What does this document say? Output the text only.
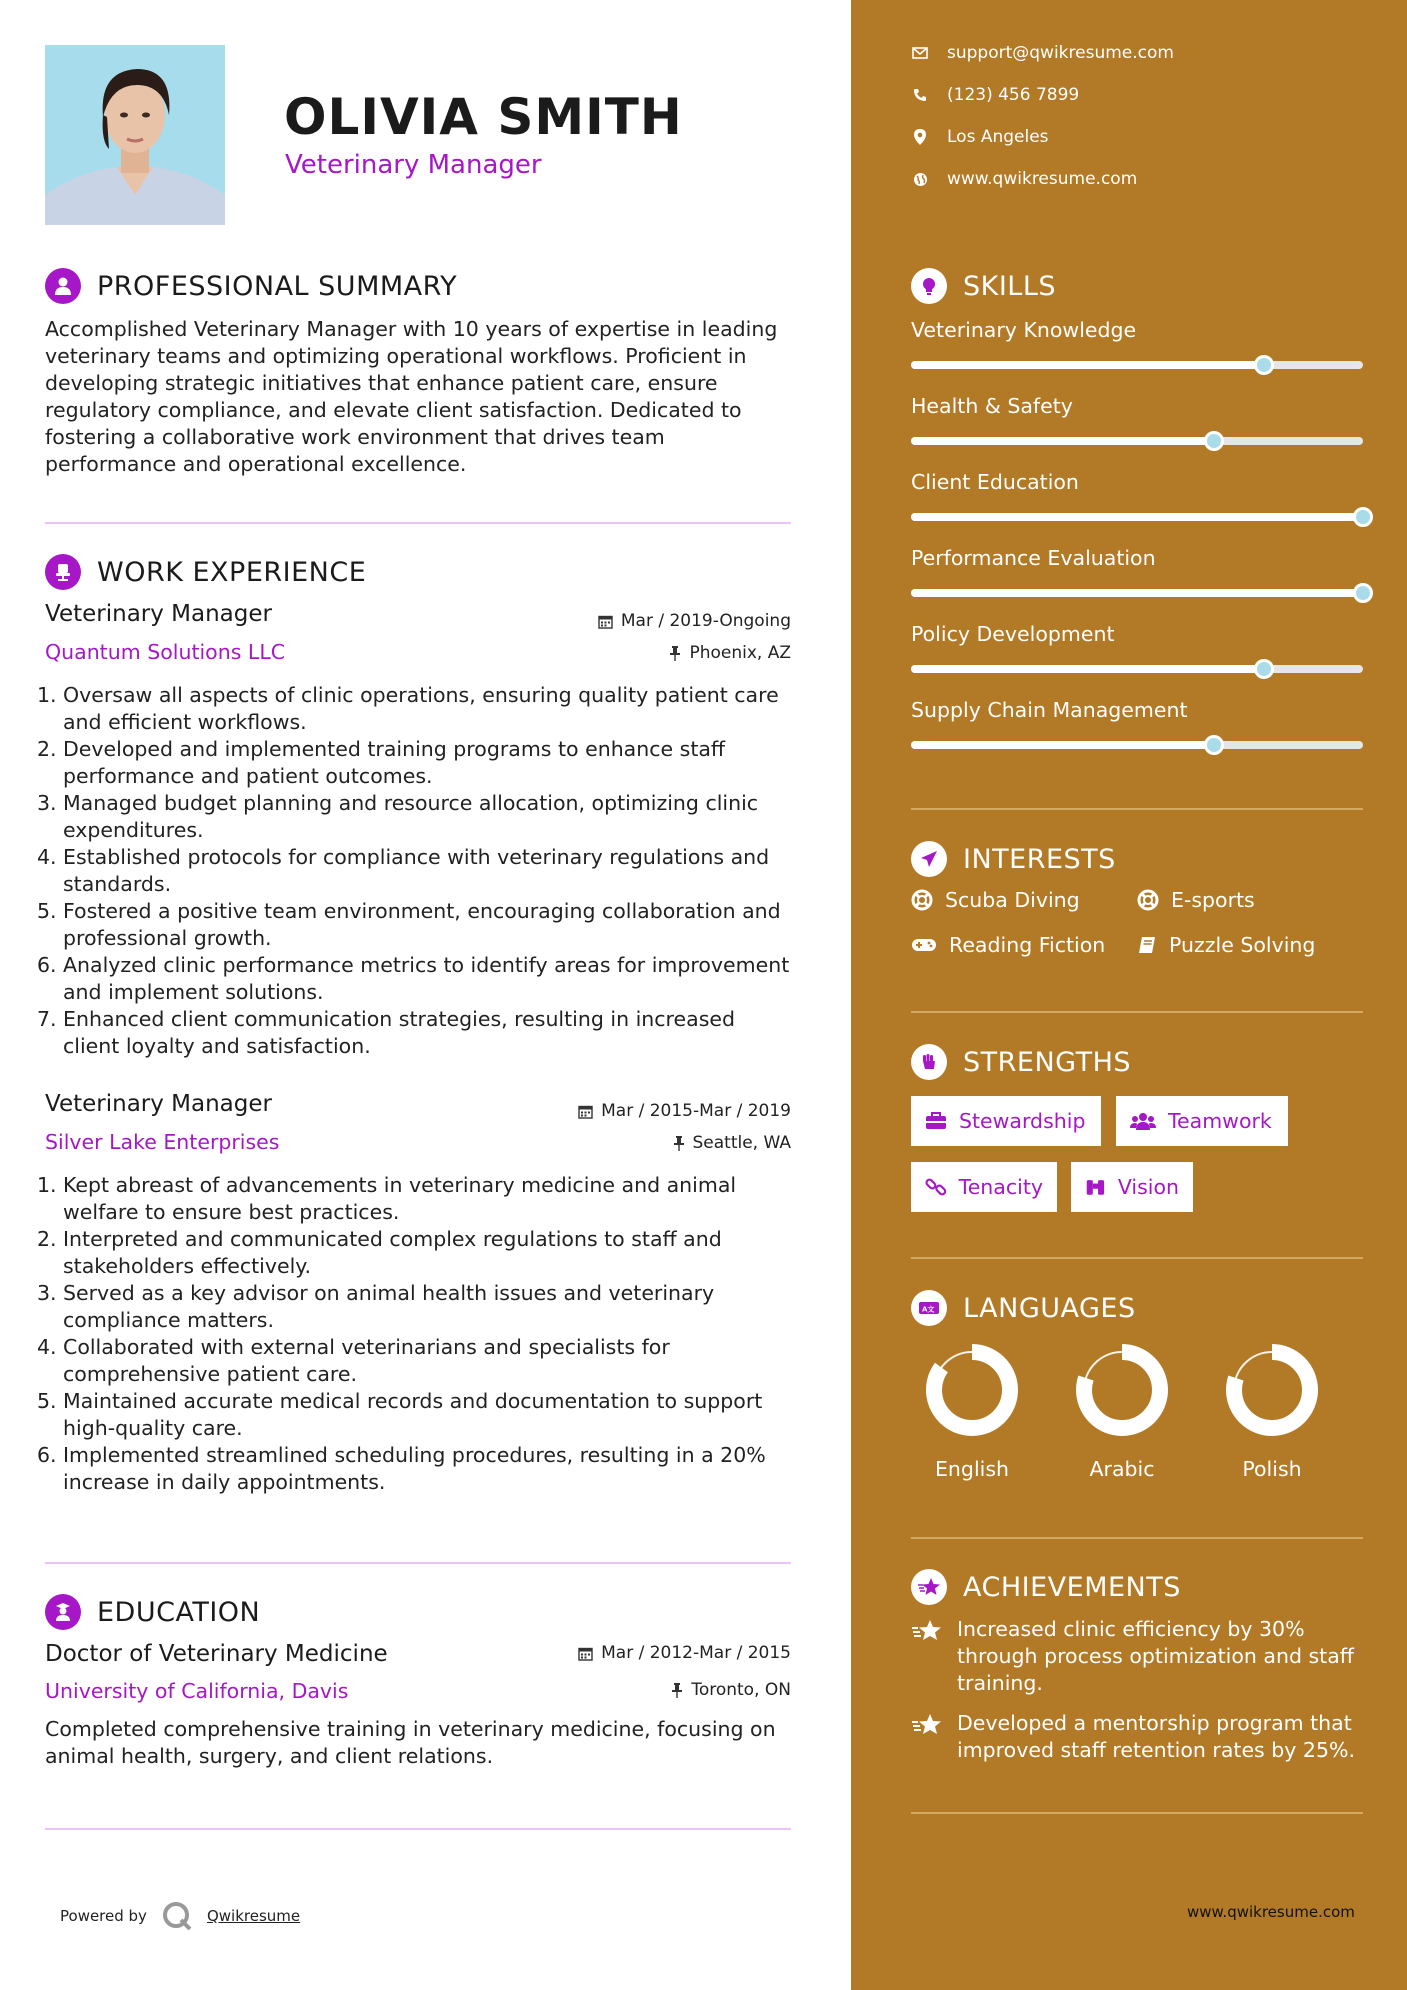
OLIVIA SMITH
Veterinary Manager
PROFESSIONAL SUMMARY
Accomplished Veterinary Manager with 10 years of expertise in leading veterinary teams and optimizing operational workflows. Proficient in developing strategic initiatives that enhance patient care, ensure regulatory compliance, and elevate client satisfaction. Dedicated to fostering a collaborative work environment that drives team performance and operational excellence.
WORK EXPERIENCE
Veterinary Manager	Mar / 2019-Ongoing
Quantum Solutions LLC	Phoenix, AZ
1. Oversaw all aspects of clinic operations, ensuring quality patient care and efficient workflows.
2. Developed and implemented training programs to enhance staff performance and patient outcomes.
3. Managed budget planning and resource allocation, optimizing clinic expenditures.
4. Established protocols for compliance with veterinary regulations and standards.
5. Fostered a positive team environment, encouraging collaboration and professional growth.
6. Analyzed clinic performance metrics to identify areas for improvement and implement solutions.
7. Enhanced client communication strategies, resulting in increased client loyalty and satisfaction.
Veterinary Manager	Mar / 2015-Mar / 2019
Silver Lake Enterprises	Seattle, WA
1. Kept abreast of advancements in veterinary medicine and animal welfare to ensure best practices.
2. Interpreted and communicated complex regulations to staff and stakeholders effectively.
3. Served as a key advisor on animal health issues and veterinary compliance matters.
4. Collaborated with external veterinarians and specialists for comprehensive patient care.
5. Maintained accurate medical records and documentation to support high-quality care.
6. Implemented streamlined scheduling procedures, resulting in a 20% increase in daily appointments.
EDUCATION
Doctor of Veterinary Medicine	Mar / 2012-Mar / 2015
University of California, Davis	Toronto, ON
Completed comprehensive training in veterinary medicine, focusing on animal health, surgery, and client relations.
Powered by	Qwikresume
support@qwikresume.com
(123) 456 7899
Los Angeles
www.qwikresume.com
SKILLS
Veterinary Knowledge
Health & Safety
Client Education
Performance Evaluation
Policy Development
Supply Chain Management
INTERESTS
Scuba Diving	E-sports
Reading Fiction	Puzzle Solving
STRENGTHS
Stewardship	Teamwork
Tenacity	Vision
A文 LANGUAGES
English	Arabic	Polish
ACHIEVEMENTS
Increased clinic efficiency by 30% through process optimization and staff training.
Developed a mentorship program that improved staff retention rates by 25%.
www.qwikresume.com
